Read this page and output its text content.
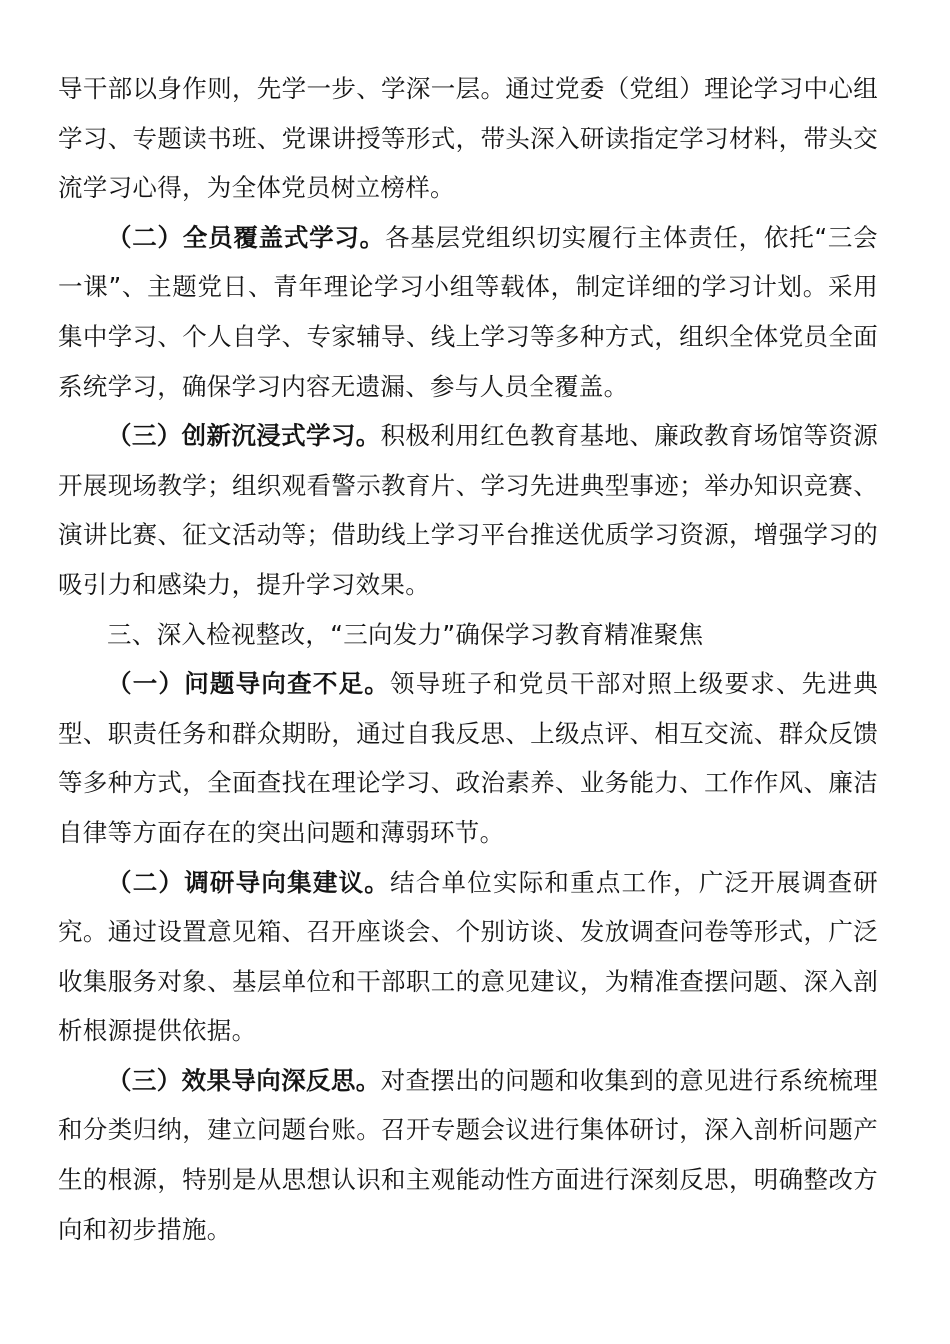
导干部以身作则，先学一步、学深一层。通过党委（党组）理论学习中心组学习、专题读书班、党课讲授等形式，带头深入研读指定学习材料，带头交流学习心得，为全体党员树立榜样。

（二）全员覆盖式学习。各基层党组织切实履行主体责任，依托“三会一课”、主题党日、青年理论学习小组等载体，制定详细的学习计划。采用集中学习、个人自学、专家辅导、线上学习等多种方式，组织全体党员全面系统学习，确保学习内容无遗漏、参与人员全覆盖。

（三）创新沉浸式学习。积极利用红色教育基地、廉政教育场馆等资源开展现场教学；组织观看警示教育片、学习先进典型事迹；举办知识竞赛、演讲比赛、征文活动等；借助线上学习平台推送优质学习资源，增强学习的吸引力和感染力，提升学习效果。

三、深入检视整改，“三向发力”确保学习教育精准聚焦

（一）问题导向查不足。领导班子和党员干部对照上级要求、先进典型、职责任务和群众期盼，通过自我反思、上级点评、相互交流、群众反馈等多种方式，全面查找在理论学习、政治素养、业务能力、工作作风、廉洁自律等方面存在的突出问题和薄弱环节。

（二）调研导向集建议。结合单位实际和重点工作，广泛开展调查研究。通过设置意见箱、召开座谈会、个别访谈、发放调查问卷等形式，广泛收集服务对象、基层单位和干部职工的意见建议，为精准查摆问题、深入剖析根源提供依据。

（三）效果导向深反思。对查摆出的问题和收集到的意见进行系统梳理和分类归纳，建立问题台账。召开专题会议进行集体研讨，深入剖析问题产生的根源，特别是从思想认识和主观能动性方面进行深刻反思，明确整改方向和初步措施。
